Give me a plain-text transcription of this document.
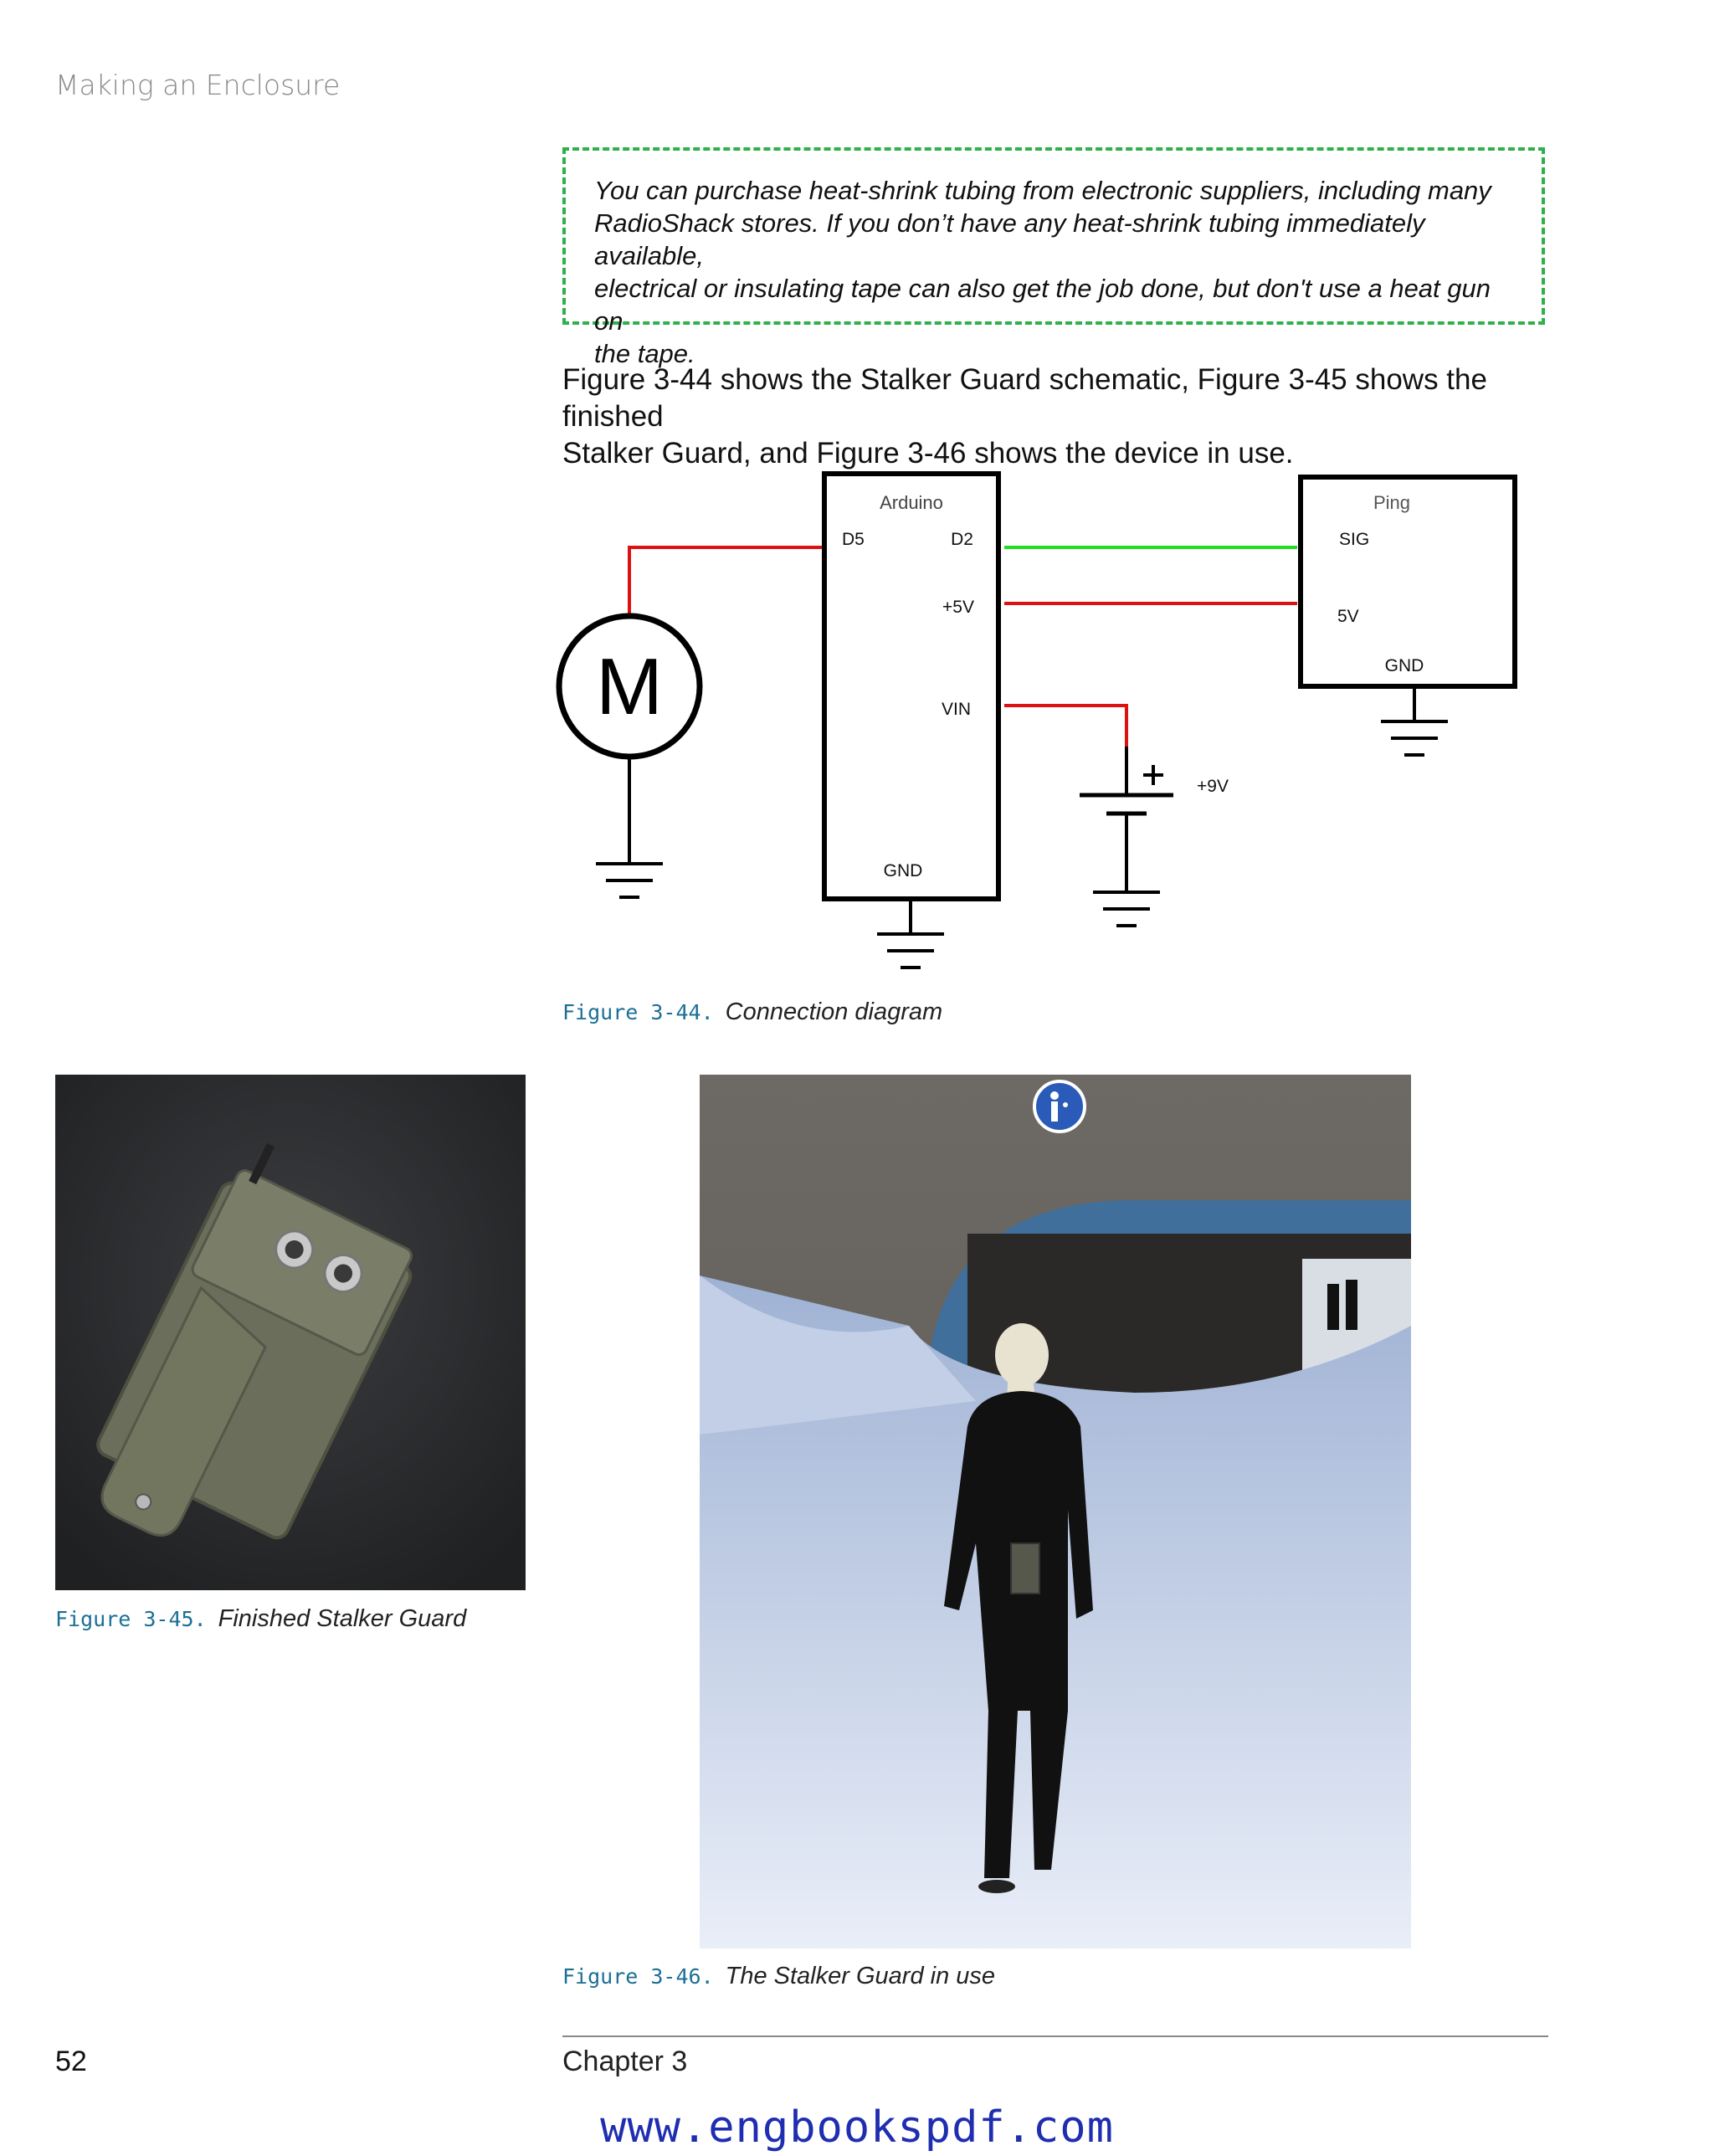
Making an Enclosure
You can purchase heat-shrink tubing from electronic suppliers, including many
RadioShack stores. If you don’t have any heat-shrink tubing immediately available,
electrical or insulating tape can also get the job done, but don't use a heat gun on
the tape.
Figure 3-44 shows the Stalker Guard schematic, Figure 3-45 shows the finished
Stalker Guard, and Figure 3-46 shows the device in use.
Arduino
D5	D2
+5V
VIN
GND
Ping
SIG
5V
GND
M
+9V
Figure 3-44. Connection diagram
Figure 3-45. Finished Stalker Guard
Figure 3-46. The Stalker Guard in use
52	Chapter 3
www.engbookspdf.com
